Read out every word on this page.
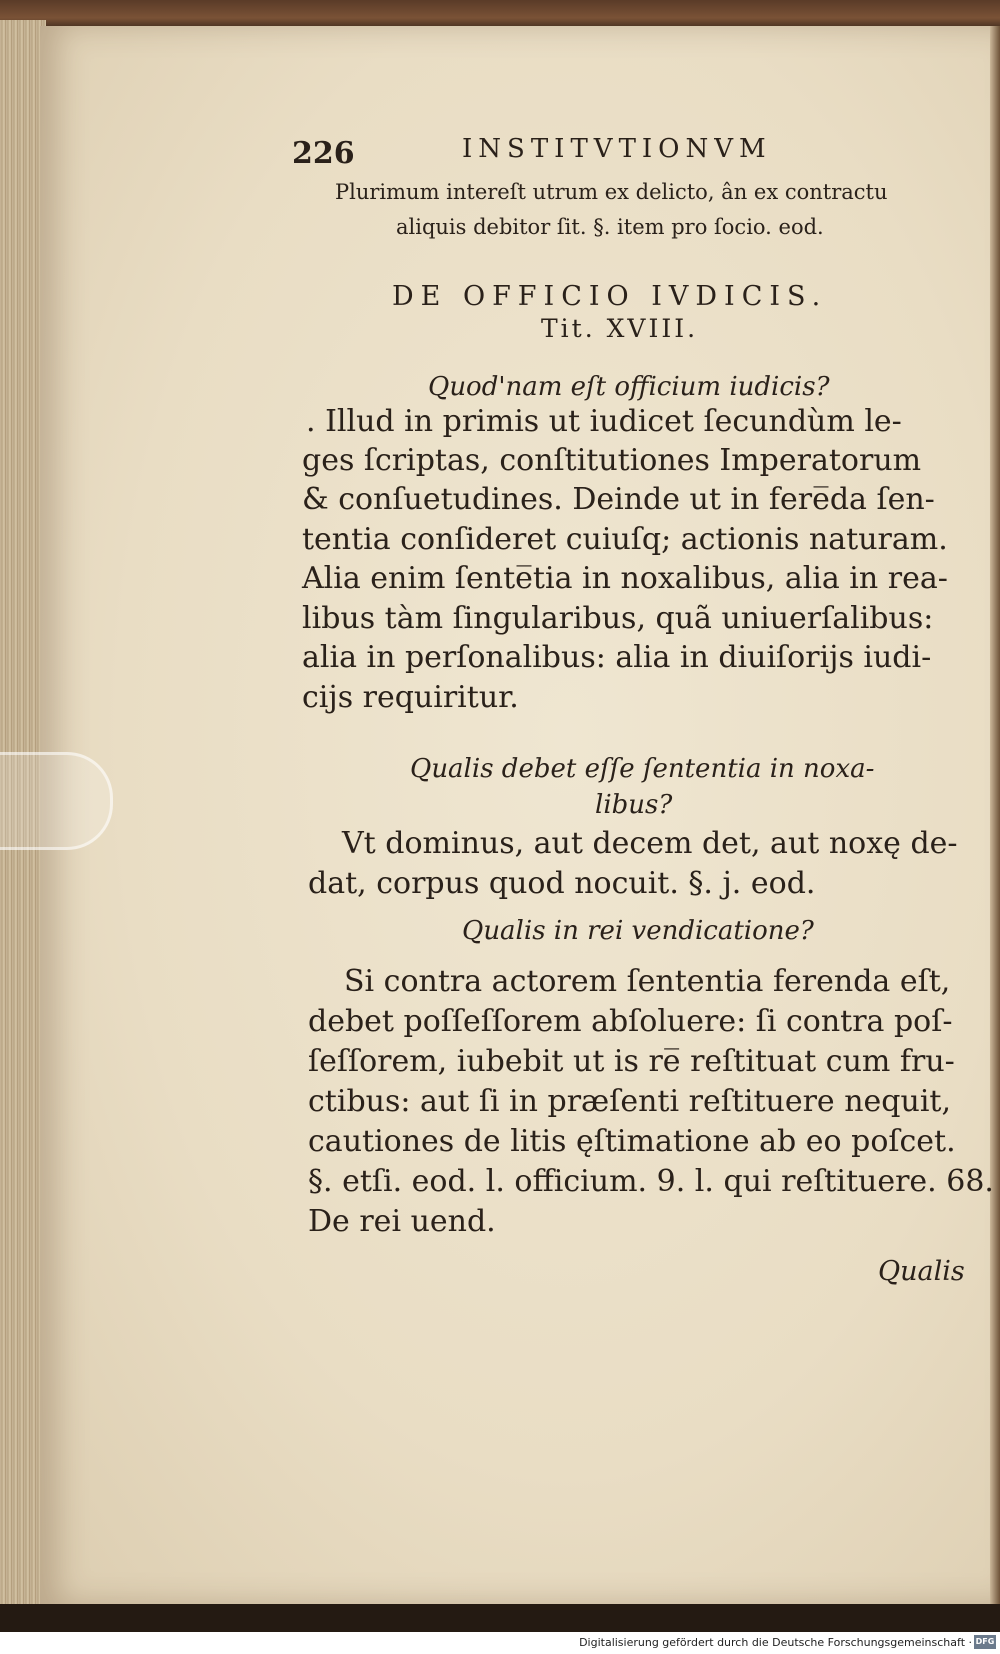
226	INSTITVTIONVM
Plurimum intereſt utrum ex delicto, ân ex contractu
aliquis debitor ſit. §. item pro ſocio. eod.
DE OFFICIO IVDICIS.
Tit. XVIII.
Quod'nam eſt officium iudicis?
. Illud in primis ut iudicet ſecundùm le-
ges ſcriptas, conſtitutiones Imperatorum
& conſuetudines. Deinde ut in fere̅da ſen-
tentia conſideret cuiuſq; actionis naturam.
Alia enim ſente̅tia in noxalibus, alia in rea-
libus tàm ſingularibus, quã uniuerſalibus:
alia in perſonalibus: alia in diuiſorijs iudi-
cijs requiritur.
Qualis debet eſſe ſententia in noxa-
libus?
Vt dominus, aut decem det, aut noxę de-
dat, corpus quod nocuit. §. j. eod.
Qualis in rei vendicatione?
Si contra actorem ſententia ferenda eſt,
debet poſſeſſorem abſoluere: ſi contra poſ-
ſeſſorem, iubebit ut is re̅ reſtituat cum fru-
ctibus: aut ſi in præſenti reſtituere nequit,
cautiones de litis ęſtimatione ab eo poſcet.
§. etſi. eod. l. officium. 9. l. qui reſtituere. 68.
De rei uend.
Qualis
Digitalisierung gefördert durch die Deutsche Forschungsgemeinschaft · DFG
